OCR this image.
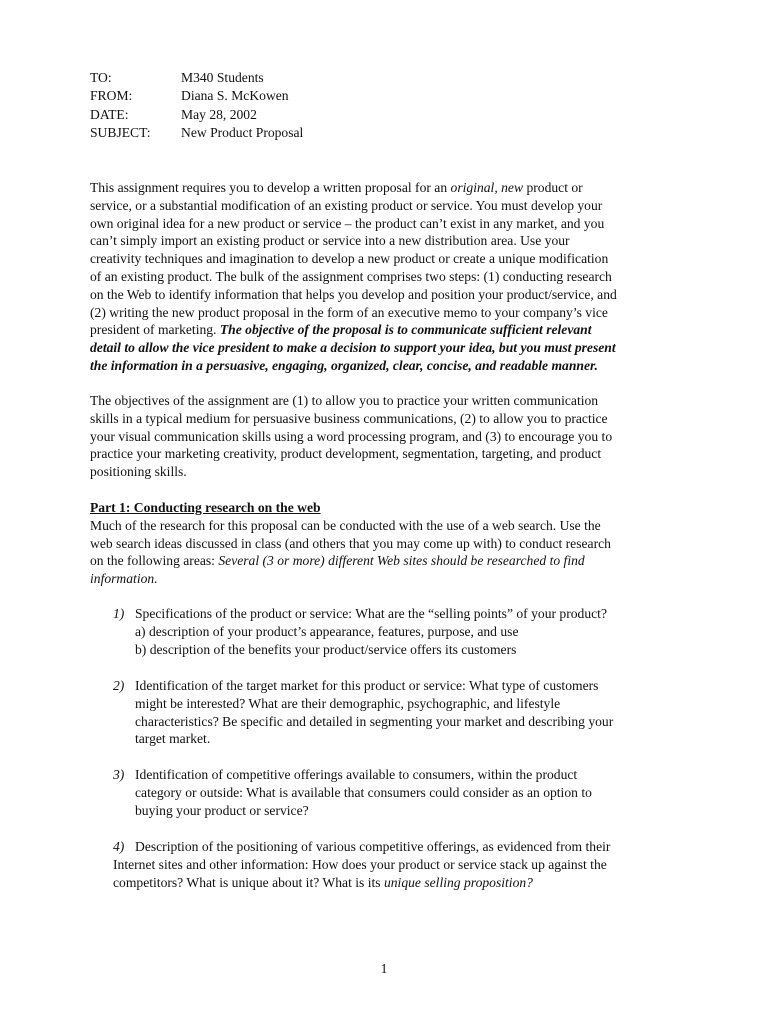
TO:	M340 Students
FROM:	Diana S. McKowen
DATE:	May 28, 2002
SUBJECT:	New Product Proposal
This assignment requires you to develop a written proposal for an original, new product or
service, or a substantial modification of an existing product or service. You must develop your
own original idea for a new product or service – the product can’t exist in any market, and you
can’t simply import an existing product or service into a new distribution area. Use your
creativity techniques and imagination to develop a new product or create a unique modification
of an existing product. The bulk of the assignment comprises two steps: (1) conducting research
on the Web to identify information that helps you develop and position your product/service, and
(2) writing the new product proposal in the form of an executive memo to your company’s vice
president of marketing. The objective of the proposal is to communicate sufficient relevant
detail to allow the vice president to make a decision to support your idea, but you must present
the information in a persuasive, engaging, organized, clear, concise, and readable manner.
The objectives of the assignment are (1) to allow you to practice your written communication
skills in a typical medium for persuasive business communications, (2) to allow you to practice
your visual communication skills using a word processing program, and (3) to encourage you to
practice your marketing creativity, product development, segmentation, targeting, and product
positioning skills.
Part 1: Conducting research on the web
Much of the research for this proposal can be conducted with the use of a web search. Use the
web search ideas discussed in class (and others that you may come up with) to conduct research
on the following areas: Several (3 or more) different Web sites should be researched to find
information.
1) Specifications of the product or service: What are the “selling points” of your product?
a) description of your product’s appearance, features, purpose, and use
b) description of the benefits your product/service offers its customers
2) Identification of the target market for this product or service: What type of customers
might be interested? What are their demographic, psychographic, and lifestyle
characteristics? Be specific and detailed in segmenting your market and describing your
target market.
3) Identification of competitive offerings available to consumers, within the product
category or outside: What is available that consumers could consider as an option to
buying your product or service?
4) Description of the positioning of various competitive offerings, as evidenced from their
Internet sites and other information: How does your product or service stack up against the
competitors? What is unique about it? What is its unique selling proposition?
1
